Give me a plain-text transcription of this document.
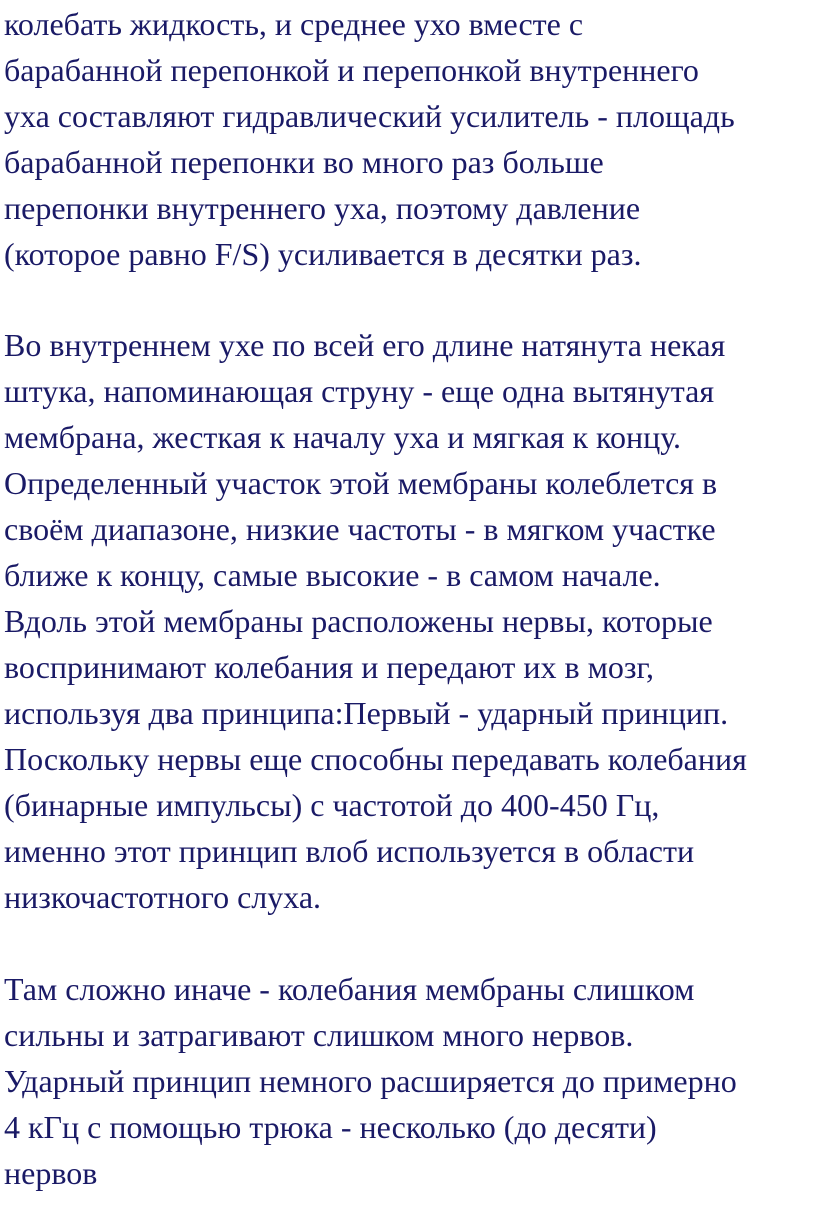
колебать жидкость, и среднее ухо вместе с
барабанной перепонкой и перепонкой внутреннего
уха составляют гидравлический усилитель - площадь
барабанной перепонки во много раз больше
перепонки внутреннего уха, поэтому давление
(которое равно F/S) усиливается в десятки раз.
Во внутреннем ухе по всей его длине натянута некая
штука, напоминающая струну - еще одна вытянутая
мембрана, жесткая к началу уха и мягкая к концу.
Определенный участок этой мембраны колеблется в
своём диапазоне, низкие частоты - в мягком участке
ближе к концу, самые высокие - в самом начале.
Вдоль этой мембраны расположены нервы, которые
воспринимают колебания и передают их в мозг,
используя два принципа:Первый - ударный принцип.
Поскольку нервы еще способны передавать колебания
(бинарные импульсы) с частотой до 400-450 Гц,
именно этот принцип влоб используется в области
низкочастотного слуха.
Там сложно иначе - колебания мембраны слишком
сильны и затрагивают слишком много нервов.
Ударный принцип немного расширяется до примерно
4 кГц с помощью трюка - несколько (до десяти)
нервов
